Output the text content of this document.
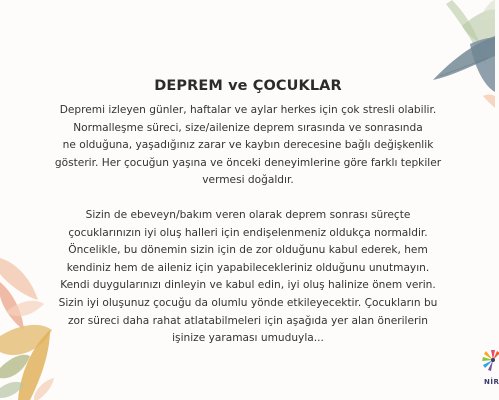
DEPREM ve ÇOCUKLAR

Depremi izleyen günler, haftalar ve aylar herkes için çok stresli olabilir.
Normalleşme süreci, size/ailenize deprem sırasında ve sonrasında
ne olduğuna, yaşadığınız zarar ve kaybın derecesine bağlı değişkenlik
gösterir. Her çocuğun yaşına ve önceki deneyimlerine göre farklı tepkiler
vermesi doğaldır.

Sizin de ebeveyn/bakım veren olarak deprem sonrası süreçte
çocuklarınızın iyi oluş halleri için endişelenmeniz oldukça normaldir.
Öncelikle, bu dönemin sizin için de zor olduğunu kabul ederek, hem
kendiniz hem de aileniz için yapabilecekleriniz olduğunu unutmayın.
Kendi duygularınızı dinleyin ve kabul edin, iyi oluş halinize önem verin.
Sizin iyi oluşunuz çocuğu da olumlu yönde etkileyecektir. Çocukların bu
zor süreci daha rahat atlatabilmeleri için aşağıda yer alan önerilerin
işinize yaraması umuduyla...

NİR
